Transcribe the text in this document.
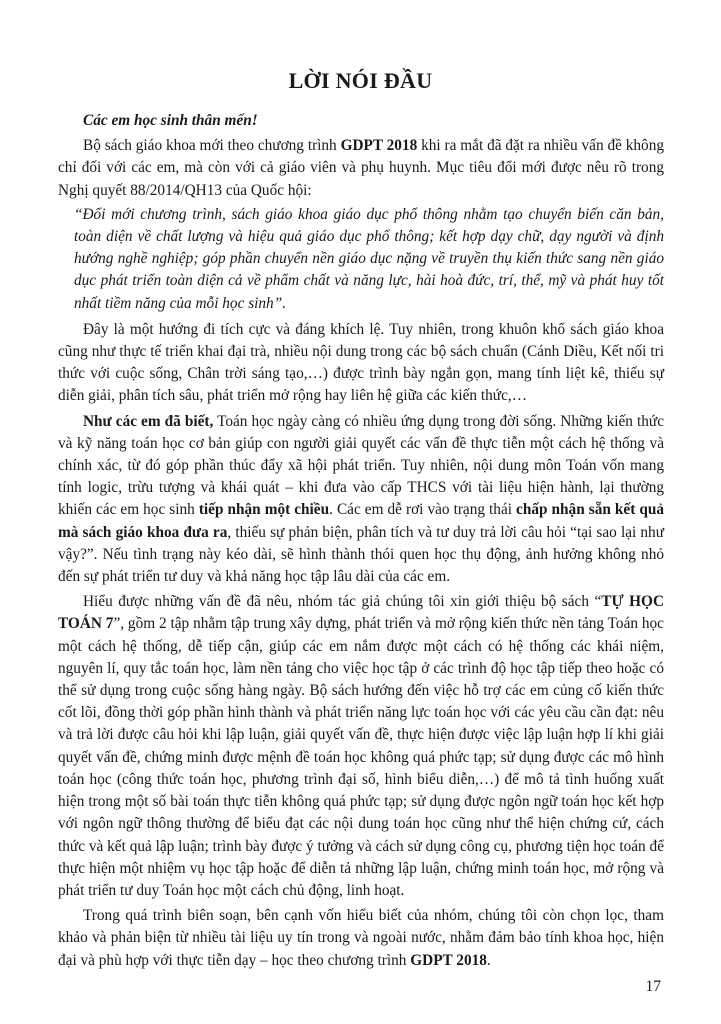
LỜI NÓI ĐẦU

Các em học sinh thân mến!

Bộ sách giáo khoa mới theo chương trình GDPT 2018 khi ra mắt đã đặt ra nhiều vấn đề không chỉ đối với các em, mà còn với cả giáo viên và phụ huynh. Mục tiêu đổi mới được nêu rõ trong Nghị quyết 88/2014/QH13 của Quốc hội:

“Đổi mới chương trình, sách giáo khoa giáo dục phổ thông nhằm tạo chuyển biến căn bản, toàn diện về chất lượng và hiệu quả giáo dục phổ thông; kết hợp dạy chữ, dạy người và định hướng nghề nghiệp; góp phần chuyển nền giáo dục nặng về truyền thụ kiến thức sang nền giáo dục phát triển toàn diện cả về phẩm chất và năng lực, hài hoà đức, trí, thể, mỹ và phát huy tốt nhất tiềm năng của mỗi học sinh”.

Đây là một hướng đi tích cực và đáng khích lệ. Tuy nhiên, trong khuôn khổ sách giáo khoa cũng như thực tế triển khai đại trà, nhiều nội dung trong các bộ sách chuẩn (Cánh Diều, Kết nối tri thức với cuộc sống, Chân trời sáng tạo,…) được trình bày ngắn gọn, mang tính liệt kê, thiếu sự diễn giải, phân tích sâu, phát triển mở rộng hay liên hệ giữa các kiến thức,…

Như các em đã biết, Toán học ngày càng có nhiều ứng dụng trong đời sống. Những kiến thức và kỹ năng toán học cơ bản giúp con người giải quyết các vấn đề thực tiễn một cách hệ thống và chính xác, từ đó góp phần thúc đẩy xã hội phát triển. Tuy nhiên, nội dung môn Toán vốn mang tính logic, trừu tượng và khái quát – khi đưa vào cấp THCS với tài liệu hiện hành, lại thường khiến các em học sinh tiếp nhận một chiều. Các em dễ rơi vào trạng thái chấp nhận sẵn kết quả mà sách giáo khoa đưa ra, thiếu sự phản biện, phân tích và tư duy trả lời câu hỏi “tại sao lại như vậy?”. Nếu tình trạng này kéo dài, sẽ hình thành thói quen học thụ động, ảnh hưởng không nhỏ đến sự phát triển tư duy và khả năng học tập lâu dài của các em.

Hiểu được những vấn đề đã nêu, nhóm tác giả chúng tôi xin giới thiệu bộ sách “TỰ HỌC TOÁN 7”, gồm 2 tập nhằm tập trung xây dựng, phát triển và mở rộng kiến thức nền tảng Toán học một cách hệ thống, dễ tiếp cận, giúp các em nắm được một cách có hệ thống các khái niệm, nguyên lí, quy tắc toán học, làm nền tảng cho việc học tập ở các trình độ học tập tiếp theo hoặc có thể sử dụng trong cuộc sống hàng ngày. Bộ sách hướng đến việc hỗ trợ các em củng cố kiến thức cốt lõi, đồng thời góp phần hình thành và phát triển năng lực toán học với các yêu cầu cần đạt: nêu và trả lời được câu hỏi khi lập luận, giải quyết vấn đề, thực hiện được việc lập luận hợp lí khi giải quyết vấn đề, chứng minh được mệnh đề toán học không quá phức tạp; sử dụng được các mô hình toán học (công thức toán học, phương trình đại số, hình biểu diễn,…) để mô tả tình huống xuất hiện trong một số bài toán thực tiễn không quá phức tạp; sử dụng được ngôn ngữ toán học kết hợp với ngôn ngữ thông thường để biểu đạt các nội dung toán học cũng như thể hiện chứng cứ, cách thức và kết quả lập luận; trình bày được ý tưởng và cách sử dụng công cụ, phương tiện học toán để thực hiện một nhiệm vụ học tập hoặc để diễn tả những lập luận, chứng minh toán học, mở rộng và phát triển tư duy Toán học một cách chủ động, linh hoạt.

Trong quá trình biên soạn, bên cạnh vốn hiểu biết của nhóm, chúng tôi còn chọn lọc, tham khảo và phản biện từ nhiều tài liệu uy tín trong và ngoài nước, nhằm đảm bảo tính khoa học, hiện đại và phù hợp với thực tiễn dạy – học theo chương trình GDPT 2018.

17
